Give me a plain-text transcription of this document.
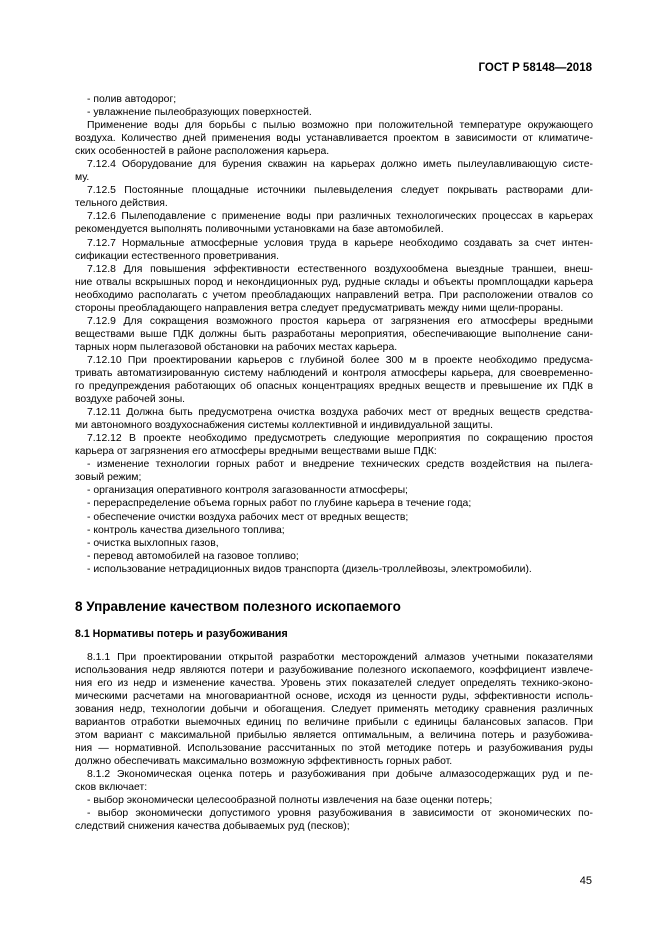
ГОСТ Р 58148—2018
- полив автодорог;
- увлажнение пылеобразующих поверхностей.
Применение воды для борьбы с пылью возможно при положительной температуре окружающего
воздуха. Количество дней применения воды устанавливается проектом в зависимости от климатиче-
ских особенностей в районе расположения карьера.
7.12.4 Оборудование для бурения скважин на карьерах должно иметь пылеулавливающую систе-
му.
7.12.5 Постоянные площадные источники пылевыделения следует покрывать растворами дли-
тельного действия.
7.12.6 Пылеподавление с применение воды при различных технологических процессах в карьерах
рекомендуется выполнять поливочными установками на базе автомобилей.
7.12.7 Нормальные атмосферные условия труда в карьере необходимо создавать за счет интен-
сификации естественного проветривания.
7.12.8 Для повышения эффективности естественного воздухообмена выездные траншеи, внеш-
ние отвалы вскрышных пород и некондиционных руд, рудные склады и объекты промплощадки карьера
необходимо располагать с учетом преобладающих направлений ветра. При расположении отвалов со
стороны преобладающего направления ветра следует предусматривать между ними щели-прораны.
7.12.9 Для сокращения возможного простоя карьера от загрязнения его атмосферы вредными
веществами выше ПДК должны быть разработаны мероприятия, обеспечивающие выполнение сани-
тарных норм пылегазовой обстановки на рабочих местах карьера.
7.12.10 При проектировании карьеров с глубиной более 300 м в проекте необходимо предусма-
тривать автоматизированную систему наблюдений и контроля атмосферы карьера, для своевременно-
го предупреждения работающих об опасных концентрациях вредных веществ и превышение их ПДК в
воздухе рабочей зоны.
7.12.11 Должна быть предусмотрена очистка воздуха рабочих мест от вредных веществ средства-
ми автономного воздухоснабжения системы коллективной и индивидуальной защиты.
7.12.12 В проекте необходимо предусмотреть следующие мероприятия по сокращению простоя
карьера от загрязнения его атмосферы вредными веществами выше ПДК:
- изменение технологии горных работ и внедрение технических средств воздействия на пылега-
зовый режим;
- организация оперативного контроля загазованности атмосферы;
- перераспределение объема горных работ по глубине карьера в течение года;
- обеспечение очистки воздуха рабочих мест от вредных веществ;
- контроль качества дизельного топлива;
- очистка выхлопных газов,
- перевод автомобилей на газовое топливо;
- использование нетрадиционных видов транспорта (дизель-троллейвозы, электромобили).
8 Управление качеством полезного ископаемого
8.1 Нормативы потерь и разубоживания
8.1.1 При проектировании открытой разработки месторождений алмазов учетными показателями
использования недр являются потери и разубоживание полезного ископаемого, коэффициент извлече-
ния его из недр и изменение качества. Уровень этих показателей следует определять технико-эконо-
мическими расчетами на многовариантной основе, исходя из ценности руды, эффективности исполь-
зования недр, технологии добычи и обогащения. Следует применять методику сравнения различных
вариантов отработки выемочных единиц по величине прибыли с единицы балансовых запасов. При
этом вариант с максимальной прибылью является оптимальным, а величина потерь и разубожива-
ния — нормативной. Использование рассчитанных по этой методике потерь и разубоживания руды
должно обеспечивать максимально возможную эффективность горных работ.
8.1.2 Экономическая оценка потерь и разубоживания при добыче алмазосодержащих руд и пе-
сков включает:
- выбор экономически целесообразной полноты извлечения на базе оценки потерь;
- выбор экономически допустимого уровня разубоживания в зависимости от экономических по-
следствий снижения качества добываемых руд (песков);
45
